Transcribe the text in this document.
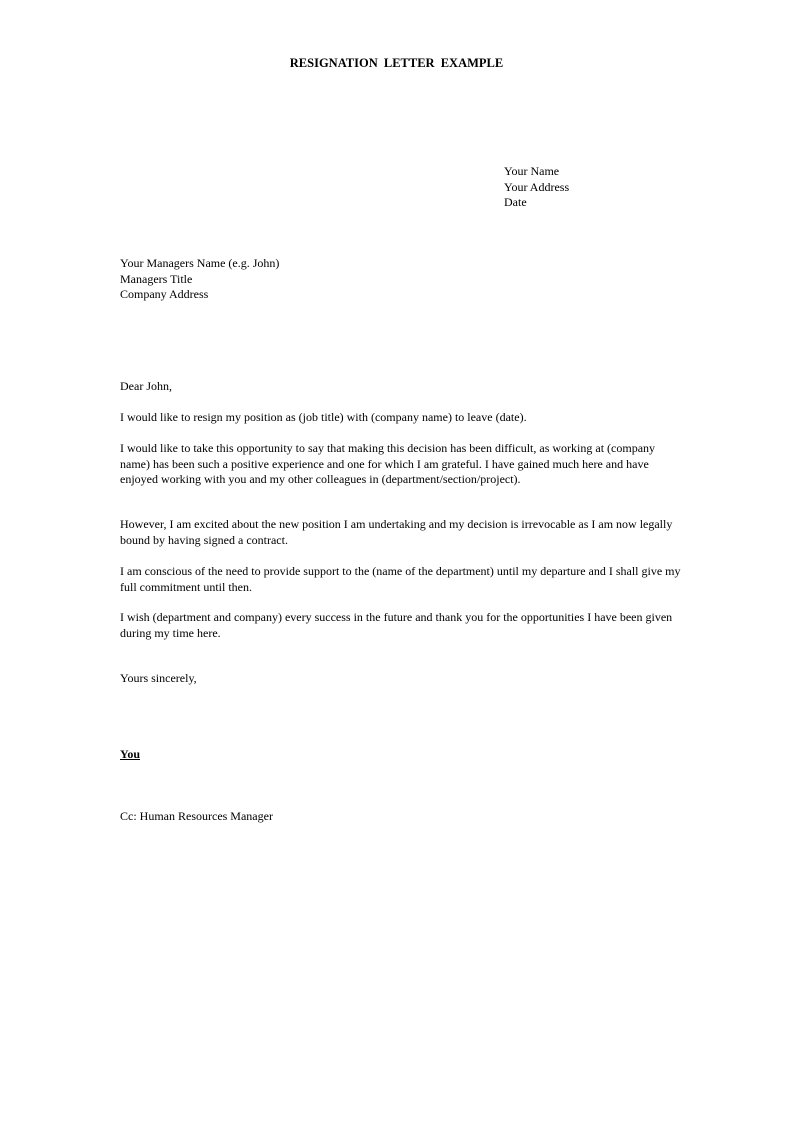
RESIGNATION LETTER EXAMPLE
Your Name
Your Address
Date
Your Managers Name (e.g. John)
Managers Title
Company Address
Dear John,
I would like to resign my position as (job title) with (company name) to leave (date).
I would like to take this opportunity to say that making this decision has been difficult, as working at (company name) has been such a positive experience and one for which I am grateful. I have gained much here and have enjoyed working with you and my other colleagues in (department/section/project).
However, I am excited about the new position I am undertaking and my decision is irrevocable as I am now legally bound by having signed a contract.
I am conscious of the need to provide support to the (name of the department) until my departure and I shall give my full commitment until then.
I wish (department and company) every success in the future and thank you for the opportunities I have been given during my time here.
Yours sincerely,
You
Cc: Human Resources Manager
